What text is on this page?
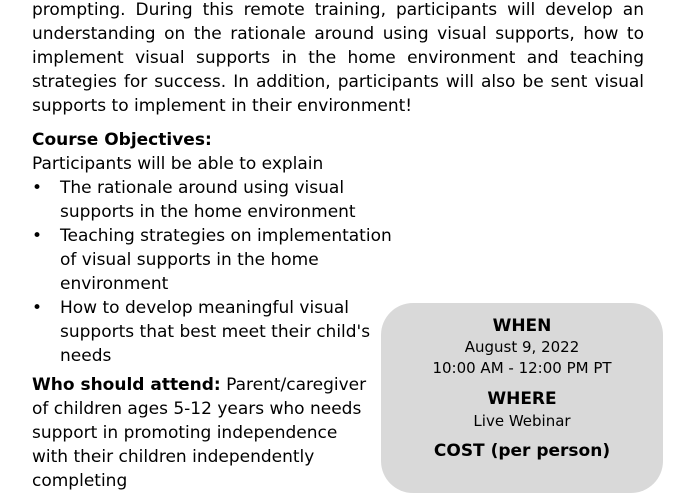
prompting. During this remote training, participants will develop an understanding on the rationale around using visual supports, how to implement visual supports in the home environment and teaching strategies for success. In addition, participants will also be sent visual supports to implement in their environment!

Course Objectives:
Participants will be able to explain
•	The rationale around using visual supports in the home environment
•	Teaching strategies on implementation of visual supports in the home environment
•	How to develop meaningful visual supports that best meet their child's needs

Who should attend: Parent/caregiver of children ages 5-12 years who needs support in promoting independence with their children independently completing

WHEN
August 9, 2022
10:00 AM - 12:00 PM PT
WHERE
Live Webinar
COST (per person)
